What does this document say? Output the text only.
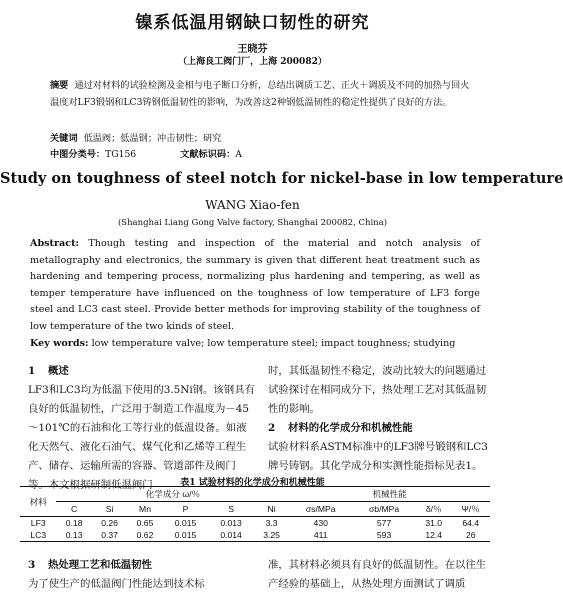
镍系低温用钢缺口韧性的研究
王晓芬
（上海良工阀门厂，上海 200082）
摘要 通过对材料的试验检测及金相与电子断口分析，总结出调质工艺、正火＋调质及不同的加热与回火温度对LF3锻钢和LC3铸钢低温韧性的影响，为改善这2种钢低温韧性的稳定性提供了良好的方法。
关键词 低温阀；低温钢；冲击韧性；研究
中图分类号：TG156	文献标识码：A
Study on toughness of steel notch for nickel-base in low temperature
WANG Xiao-fen
(Shanghai Liang Gong Valve factory, Shanghai 200082, China)
Abstract: Though testing and inspection of the material and notch analysis of metallography and electronics, the summary is given that different heat treatment such as hardening and tempering process, normalizing plus hardening and tempering, as well as temper temperature have influenced on the toughness of low temperature of LF3 forge steel and LC3 cast steel. Provide better methods for improving stability of the toughness of low temperature of the two kinds of steel.
Key words: low temperature valve; low temperature steel; impact toughness; studying
1 概述
LF3和LC3均为低温下使用的3.5Ni钢。该钢具有良好的低温韧性，广泛用于制造工作温度为－45～101℃的石油和化工等行业的低温设备。如液化天然气、液化石油气、煤气化和乙烯等工程生产、储存、运输所需的容器、管道部件及阀门等。本文根据研制低温阀门
时，其低温韧性不稳定，波动比较大的问题通过试验探讨在相同成分下，热处理工艺对其低温韧性的影响。
2 材料的化学成分和机械性能
试验材料系ASTM标准中的LF3牌号锻钢和LC3牌号铸钢。其化学成分和实测性能指标见表1。
表1 试验材料的化学成分和机械性能
材料	化学成分 ω/％						机械性能			
	C	Si	Mn	P	S	Ni	σs/MPa	σb/MPa	δ/％	Ψ/％
LF3	0.18	0.26	0.65	0.015	0.013	3.3	430	577	31.0	64.4
LC3	0.13	0.37	0.62	0.015	0.014	3.25	411	593	12.4	26
3 热处理工艺和低温韧性
为了使生产的低温阀门性能达到技术标
准，其材料必须具有良好的低温韧性。在以往生产经验的基础上，从热处理方面测试了调质
